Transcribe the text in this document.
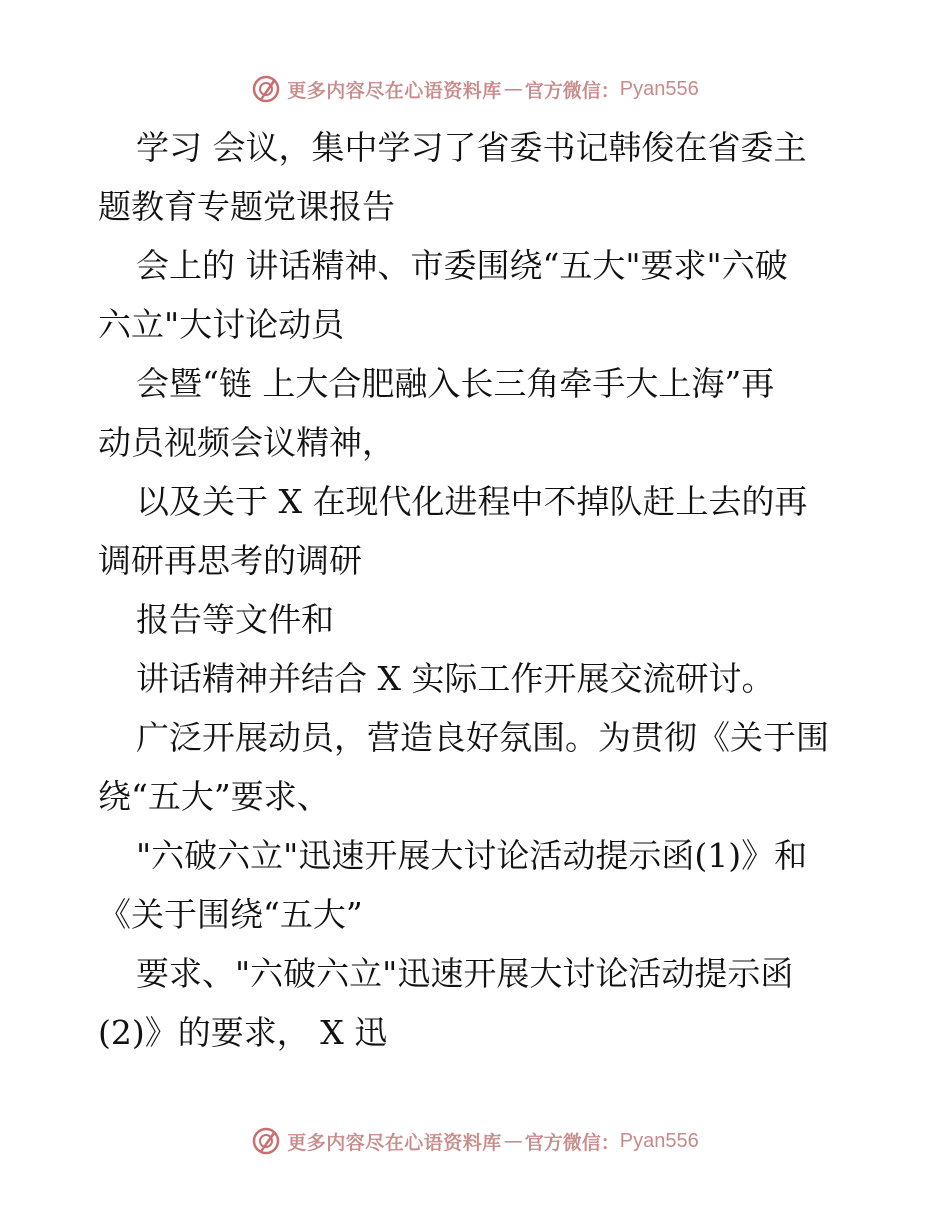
更多内容尽在心语资料库 — 官方微信： Pyan556
学习 会议，集中学习了省委书记韩俊在省委主
题教育专题党课报告
会上的 讲话精神、市委围绕“五大"要求"六破
六立"大讨论动员
会暨“链 上大合肥融入长三角牵手大上海”再
动员视频会议精神，
以及关于 X 在现代化进程中不掉队赶上去的再
调研再思考的调研
报告等文件和
讲话精神并结合 X 实际工作开展交流研讨。
广泛开展动员，营造良好氛围。为贯彻《关于围
绕“五大”要求、
"六破六立"迅速开展大讨论活动提示函(1)》和
《关于围绕“五大”
要求、"六破六立"迅速开展大讨论活动提示函
(2)》的要求， X 迅
更多内容尽在心语资料库 — 官方微信： Pyan556
